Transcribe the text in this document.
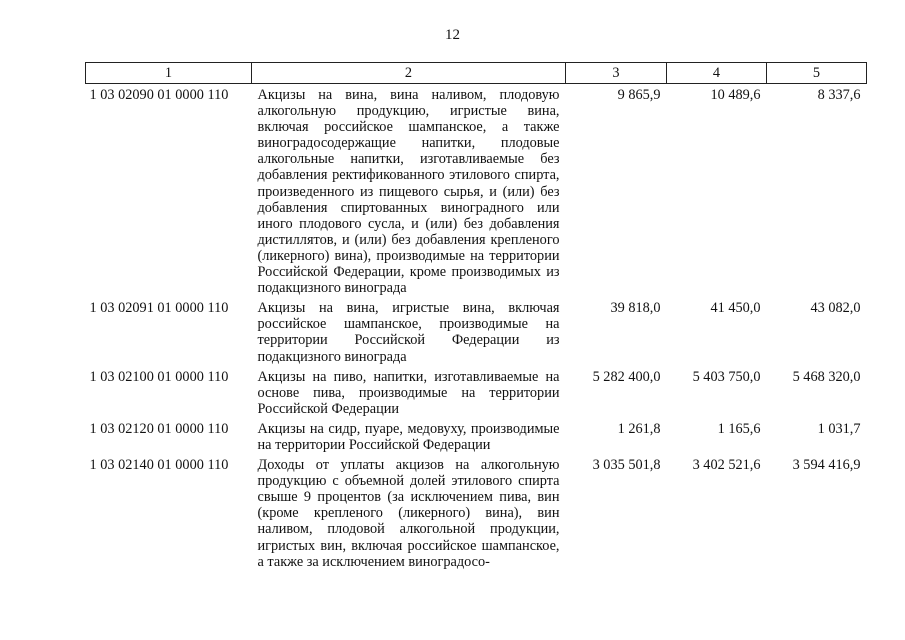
12
1	2	3	4	5
1 03 02090 01 0000 110	Акцизы на вина, вина наливом, плодовую алкогольную продукцию, игристые вина, включая российское шампанское, а также виноградосодержащие напитки, плодовые алкогольные напитки, изготавливаемые без добавления ректификованного этилового спирта, произведенного из пищевого сырья, и (или) без добавления спиртованных виноградного или иного плодового сусла, и (или) без добавления дистиллятов, и (или) без добавления крепленого (ликерного) вина), производимые на территории Российской Федерации, кроме производимых из подакцизного винограда	9 865,9	10 489,6	8 337,6
1 03 02091 01 0000 110	Акцизы на вина, игристые вина, включая российское шампанское, производимые на территории Российской Федерации из подакцизного винограда	39 818,0	41 450,0	43 082,0
1 03 02100 01 0000 110	Акцизы на пиво, напитки, изготавливаемые на основе пива, производимые на территории Российской Федерации	5 282 400,0	5 403 750,0	5 468 320,0
1 03 02120 01 0000 110	Акцизы на сидр, пуаре, медовуху, производимые на территории Российской Федерации	1 261,8	1 165,6	1 031,7
1 03 02140 01 0000 110	Доходы от уплаты акцизов на алкогольную продукцию с объемной долей этилового спирта свыше 9 процентов (за исключением пива, вин (кроме крепленого (ликерного) вина), вин наливом, плодовой алкогольной продукции, игристых вин, включая российское шампанское, а также за исключением виноградосо-	3 035 501,8	3 402 521,6	3 594 416,9
